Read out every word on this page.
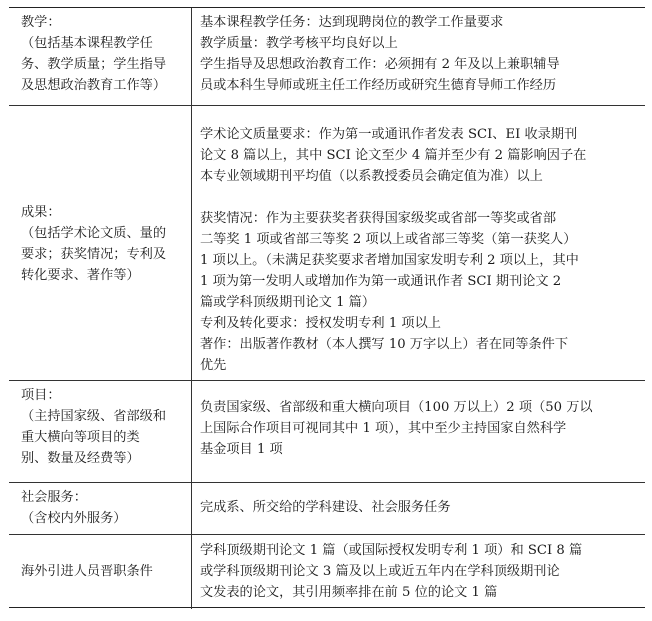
教学：
（包括基本课程教学任
务、教学质量；学生指导
及思想政治教育工作等）
基本课程教学任务：达到现聘岗位的教学工作量要求
教学质量：教学考核平均良好以上
学生指导及思想政治教育工作：必须拥有 2 年及以上兼职辅导
员或本科生导师或班主任工作经历或研究生德育导师工作经历
成果：
（包括学术论文质、量的
要求；获奖情况；专利及
转化要求、著作等）
学术论文质量要求：作为第一或通讯作者发表 SCI、EI 收录期刊
论文 8 篇以上，其中 SCI 论文至少 4 篇并至少有 2 篇影响因子在
本专业领域期刊平均值（以系教授委员会确定值为准）以上
获奖情况：作为主要获奖者获得国家级奖或省部一等奖或省部
二等奖 1 项或省部三等奖 2 项以上或省部三等奖（第一获奖人）
1 项以上。（未满足获奖要求者增加国家发明专利 2 项以上，其中
1 项为第一发明人或增加作为第一或通讯作者 SCI 期刊论文 2
篇或学科顶级期刊论文 1 篇）
专利及转化要求：授权发明专利 1 项以上
著作：出版著作教材（本人撰写 10 万字以上）者在同等条件下
优先
项目：
（主持国家级、省部级和
重大横向等项目的类
别、数量及经费等）
负责国家级、省部级和重大横向项目（100 万以上）2 项（50 万以
上国际合作项目可视同其中 1 项），其中至少主持国家自然科学
基金项目 1 项
社会服务：
（含校内外服务）
完成系、所交给的学科建设、社会服务任务
海外引进人员晋职条件
学科顶级期刊论文 1 篇（或国际授权发明专利 1 项）和 SCI 8 篇
或学科顶级期刊论文 3 篇及以上或近五年内在学科顶级期刊论
文发表的论文，其引用频率排在前 5 位的论文 1 篇
